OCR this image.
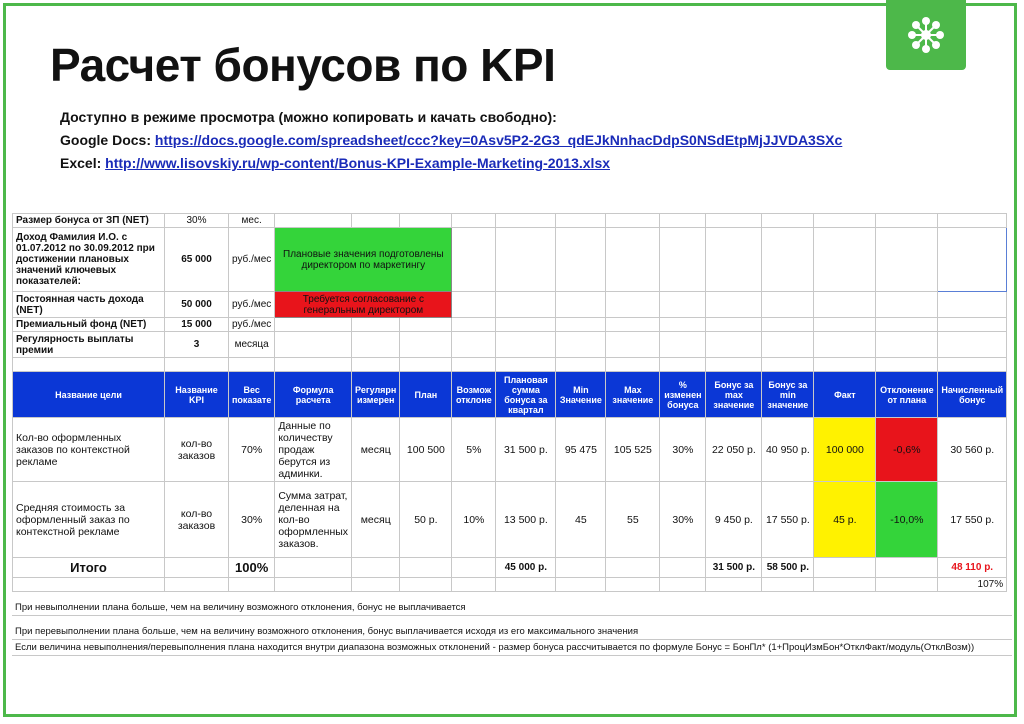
Расчет бонусов по KPI
Доступно в режиме просмотра (можно копировать и качать свободно):
Google Docs: https://docs.google.com/spreadsheet/ccc?key=0Asv5P2-2G3_qdEJkNnhacDdpS0NSdEtpMjJJVDA3SXc
Excel: http://www.lisovskiy.ru/wp-content/Bonus-KPI-Example-Marketing-2013.xlsx
Размер бонуса от ЗП (NET)	30%	мес.													
Доход Фамилия И.О. с 01.07.2012 по 30.09.2012 при достижении плановых значений ключевых показателей:	65 000	руб./мес	Плановые значения подготовлены директором по маркетингу												
Постоянная часть дохода (NET)	50 000	руб./мес	Требуется согласование с генеральным директором												
Премиальный фонд (NET)	15 000	руб./мес													
Регулярность выплаты премии	3	месяца													

Название цели	Название KPI	Вес показате	Формула расчета	Регулярн измерен	План	Возмож отклоне	Плановая сумма бонуса за квартал	Min Значение	Max значение	% изменен бонуса	Бонус за max значение	Бонус за min значение	Факт	Отклонение от плана	Начисленный бонус
Кол-во оформленных заказов по контекстной рекламе	кол-во заказов	70%	Данные по количеству продаж берутся из админки.	месяц	100 500	5%	31 500 р.	95 475	105 525	30%	22 050 р.	40 950 р.	100 000	-0,6%	30 560 р.
Средняя стоимость за оформленный заказ по контекстной рекламе	кол-во заказов	30%	Сумма затрат, деленная на кол-во оформленных заказов.	месяц	50 р.	10%	13 500 р.	45	55	30%	9 450 р.	17 550 р.	45 р.	-10,0%	17 550 р.
Итого		100%					45 000 р.				31 500 р.	58 500 р.			48 110 р.
															107%
При невыполнении плана больше, чем на величину возможного отклонения, бонус не выплачивается
При перевыполнении плана больше, чем на величину возможного отклонения, бонус выплачивается исходя из его максимального значения
Если величина невыполнения/перевыполнения плана находится внутри диапазона возможных отклонений - размер бонуса рассчитывается по формуле Бонус = БонПл* (1+ПроцИзмБон*ОтклФакт/модуль(ОтклВозм))
